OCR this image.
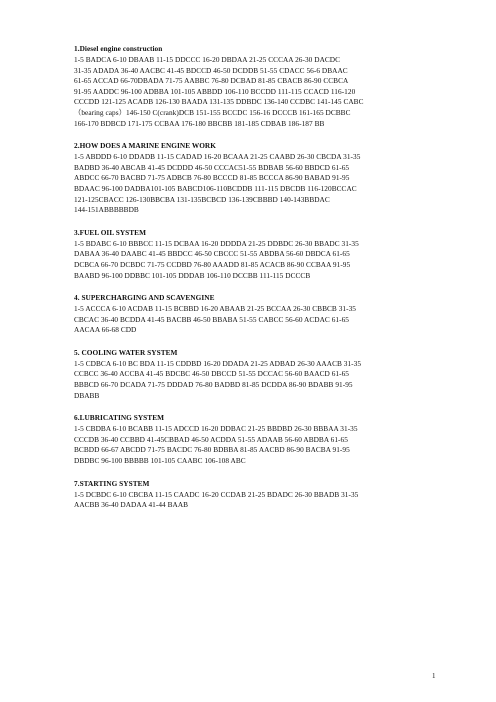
1.Diesel engine construction
1-5 BADCA 6-10 DBAAB 11-15 DDCCC 16-20 DBDAA 21-25 CCCAA 26-30 DACDC
31-35 ADADA 36-40 AACBC 41-45 BDCCD 46-50 DCDDB 51-55 CDACC 56-6 DBAAC
61-65 ACCAD 66-70DBADA 71-75 AABBC 76-80 DCBAD 81-85 CBACB 86-90 CCBCA
91-95 AADDC 96-100 ADBBA 101-105 ABBDD 106-110 BCCDD 111-115 CCACD 116-120
CCCDD 121-125 ACADB 126-130 BAADA 131-135 DDBDC 136-140 CCDBC 141-145 CABC
（bearing caps）146-150 C(crank)DCB 151-155 BCCDC 156-16 DCCCB 161-165 DCBBC
166-170 BDBCD 171-175 CCBAA 176-180 BBCBB 181-185 CDBAB 186-187 BB
2.HOW DOES A MARINE ENGINE WORK
1-5 ABDDD 6-10 DDADB 11-15 CADAD 16-20 BCAAA 21-25 CAABD 26-30 CBCDA 31-35
BADBD 36-40 ABCAB 41-45 DCDDD 46-50 CCCAC51-55 BDBAB 56-60 BBDCD 61-65
ABDCC 66-70 BACBD 71-75 ADBCB 76-80 BCCCD 81-85 BCCCA 86-90 BABAD 91-95
BDAAC 96-100 DADBA101-105 BABCD106-110BCDDB 111-115 DBCDB 116-120BCCAC
121-125CBACC 126-130BBCBA 131-135BCBCD 136-139CBBBD 140-143BBDAC
144-151ABBBBBDB
3.FUEL OIL SYSTEM
1-5 BDABC 6-10 BBBCC 11-15 DCBAA 16-20 DDDDA 21-25 DDBDC 26-30 BBADC 31-35
DABAA 36-40 DAABC 41-45 BBDCC 46-50 CBCCC 51-55 ABDBA 56-60 DBDCA 61-65
DCBCA 66-70 DCBDC 71-75 CCDBD 76-80 AAADD 81-85 ACACB 86-90 CCBAA 91-95
BAABD 96-100 DDBBC 101-105 DDDAB 106-110 DCCBB 111-115 DCCCB
4. SUPERCHARGING AND SCAVENGINE
1-5 ACCCA 6-10 ACDAB 11-15 BCBBD 16-20 ABAAB 21-25 BCCAA 26-30 CBBCB 31-35
CBCAC 36-40 BCDDA 41-45 BACBB 46-50 BBABA 51-55 CABCC 56-60 ACDAC 61-65
AACAA 66-68 CDD
5. COOLING WATER SYSTEM
1-5 CDBCA 6-10 BC BDA 11-15 CDDBD 16-20 DDADA 21-25 ADBAD 26-30 AAACB 31-35
CCBCC 36-40 ACCBA 41-45 BDCBC 46-50 DBCCD 51-55 DCCAC 56-60 BAACD 61-65
BBBCD 66-70 DCADA 71-75 DDDAD 76-80 BADBD 81-85 DCDDA 86-90 BDABB 91-95
DBABB
6.LUBRICATING SYSTEM
1-5 CBDBA 6-10 BCABB 11-15 ADCCD 16-20 DDBAC 21-25 BBDBD 26-30 BBBAA 31-35
CCCDB 36-40 CCBBD 41-45CBBAD 46-50 ACDDA 51-55 ADAAB 56-60 ABDBA 61-65
BCBDD 66-67 ABCDD 71-75 BACDC 76-80 BDBBA 81-85 AACBD 86-90 BACBA 91-95
DBDBC 96-100 BBBBB 101-105 CAABC 106-108 ABC
7.STARTING SYSTEM
1-5 DCBDC 6-10 CBCBA 11-15 CAADC 16-20 CCDAB 21-25 BDADC 26-30 BBADB 31-35
AACBB 36-40 DADAA 41-44 BAAB
1
